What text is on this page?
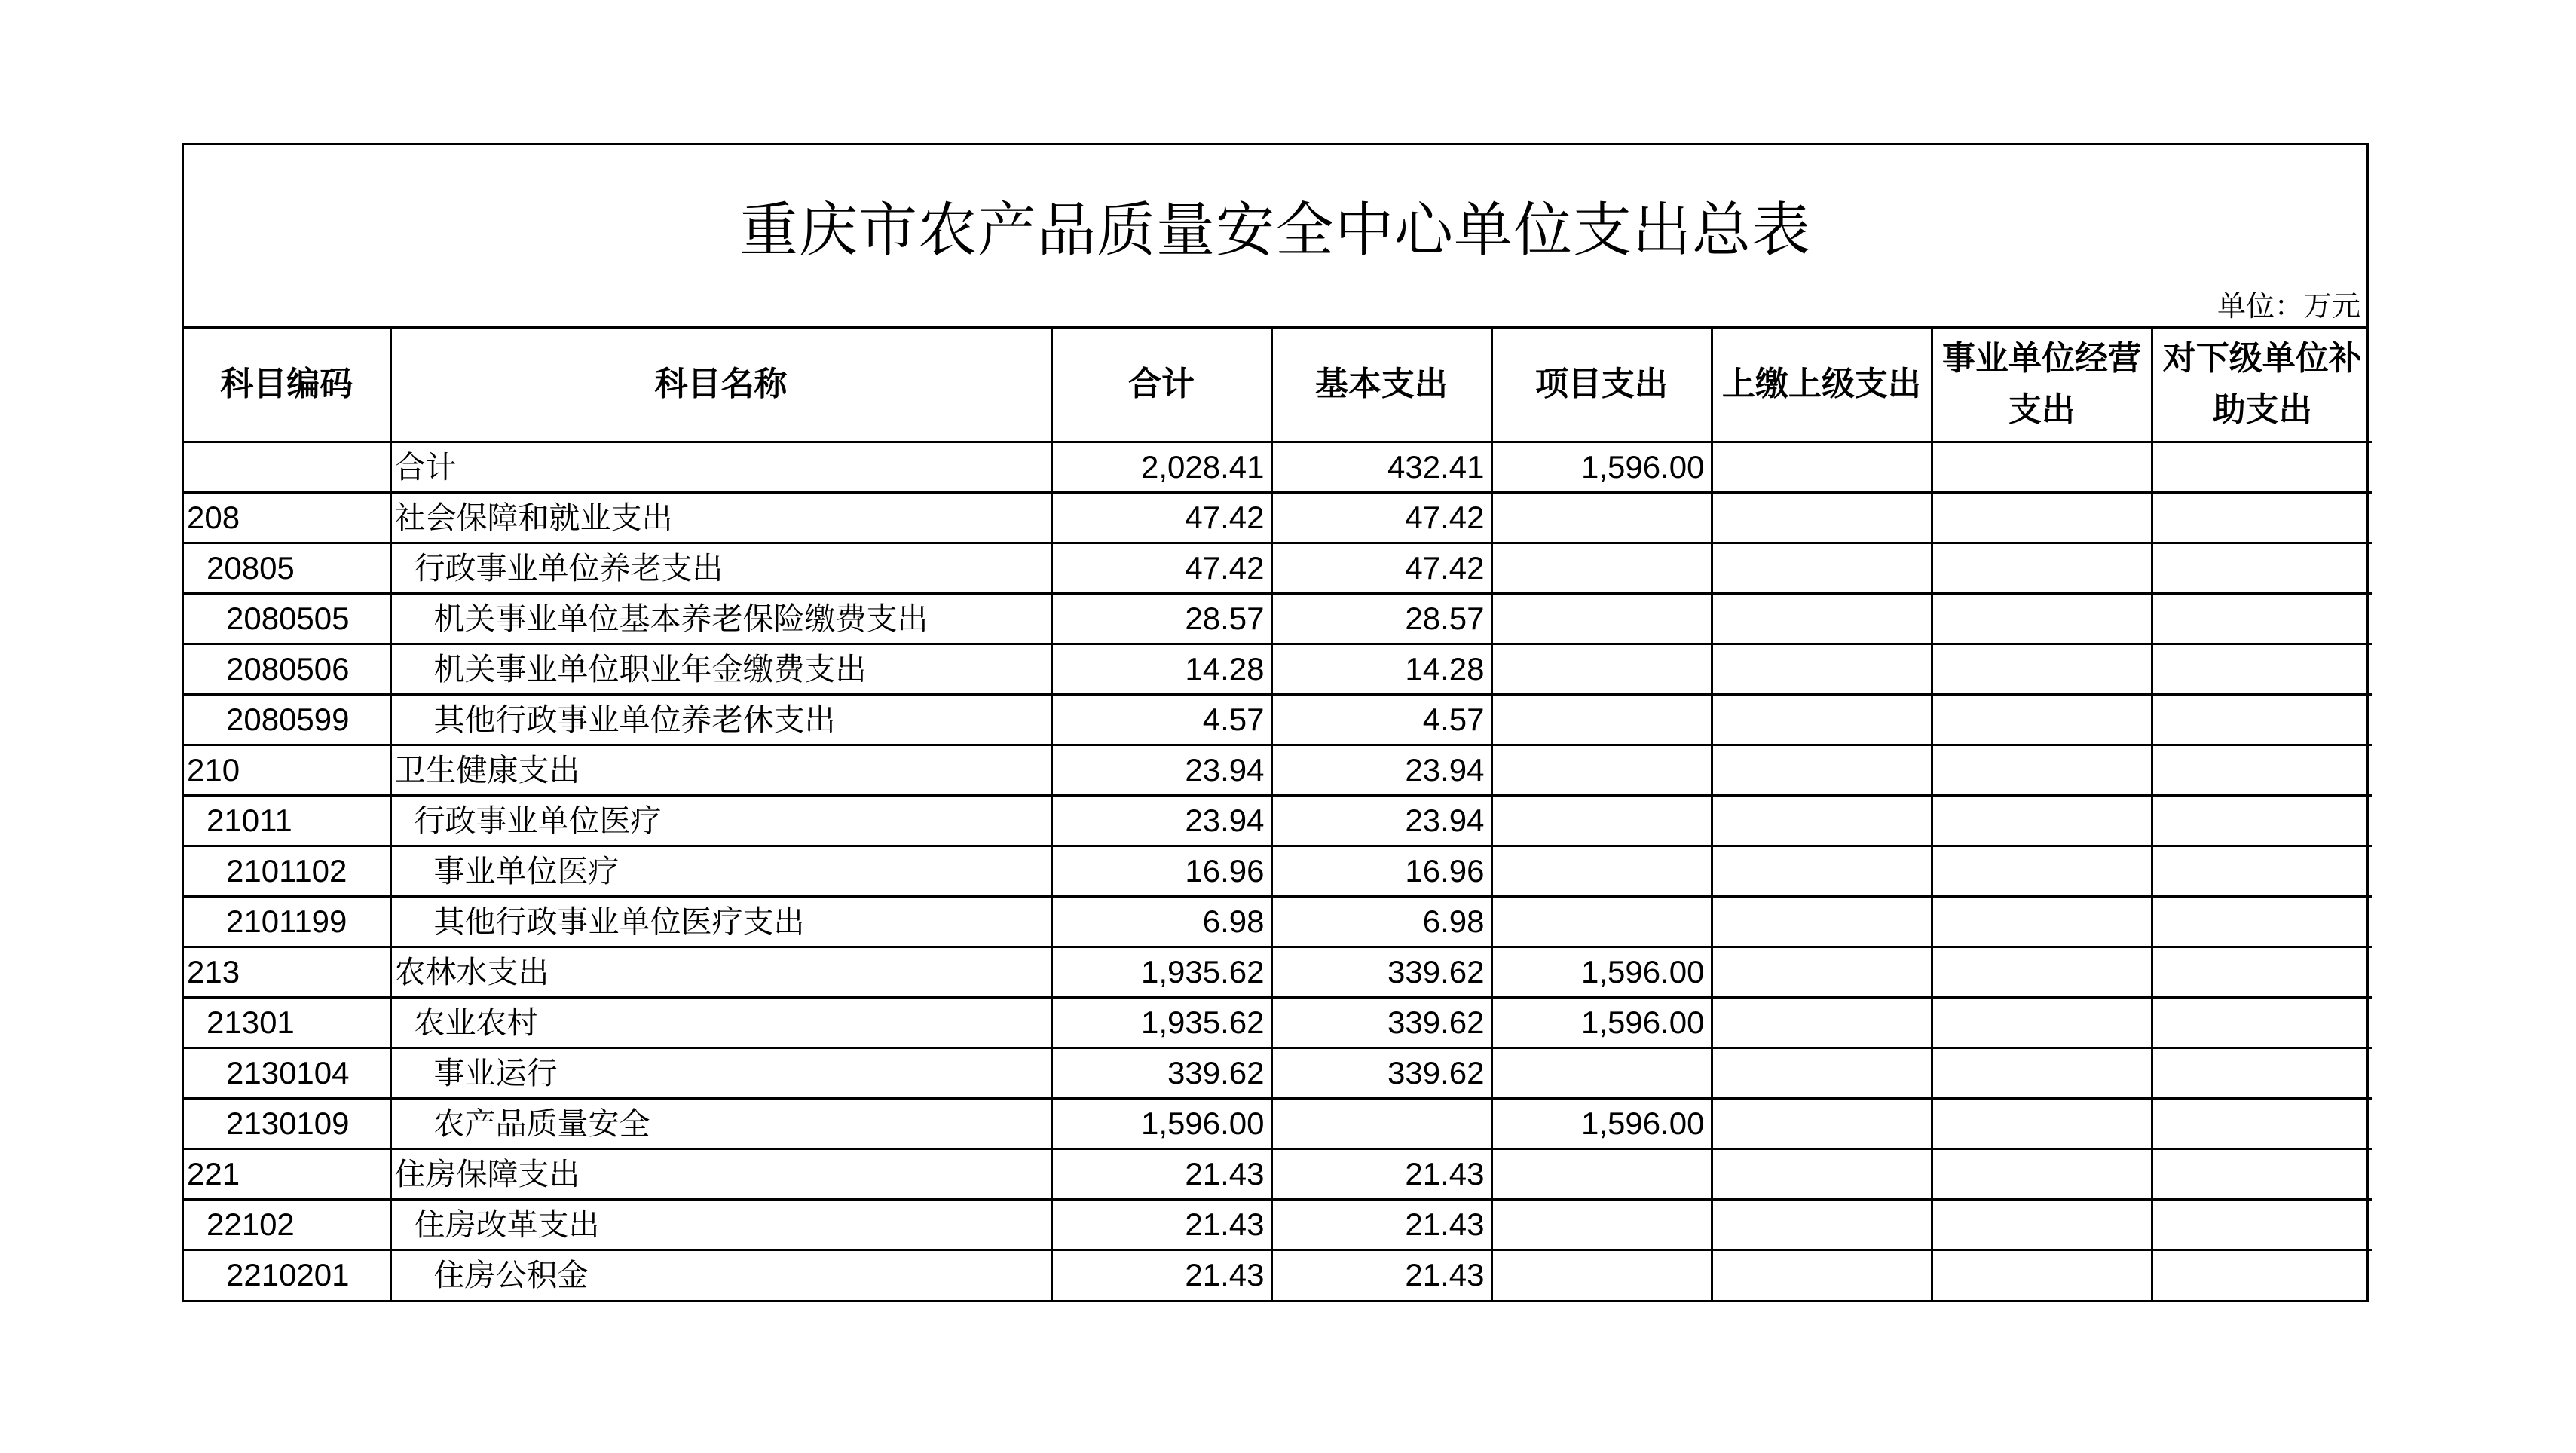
重庆市农产品质量安全中心单位支出总表
单位：万元
科目编码	科目名称	合计	基本支出	项目支出	上缴上级支出	事业单位经营支出	对下级单位补助支出
	合计	2,028.41	432.41	1,596.00			
208	社会保障和就业支出	47.42	47.42				
20805	行政事业单位养老支出	47.42	47.42				
2080505	机关事业单位基本养老保险缴费支出	28.57	28.57				
2080506	机关事业单位职业年金缴费支出	14.28	14.28				
2080599	其他行政事业单位养老休支出	4.57	4.57				
210	卫生健康支出	23.94	23.94				
21011	行政事业单位医疗	23.94	23.94				
2101102	事业单位医疗	16.96	16.96				
2101199	其他行政事业单位医疗支出	6.98	6.98				
213	农林水支出	1,935.62	339.62	1,596.00			
21301	农业农村	1,935.62	339.62	1,596.00			
2130104	事业运行	339.62	339.62				
2130109	农产品质量安全	1,596.00		1,596.00			
221	住房保障支出	21.43	21.43				
22102	住房改革支出	21.43	21.43				
2210201	住房公积金	21.43	21.43				
